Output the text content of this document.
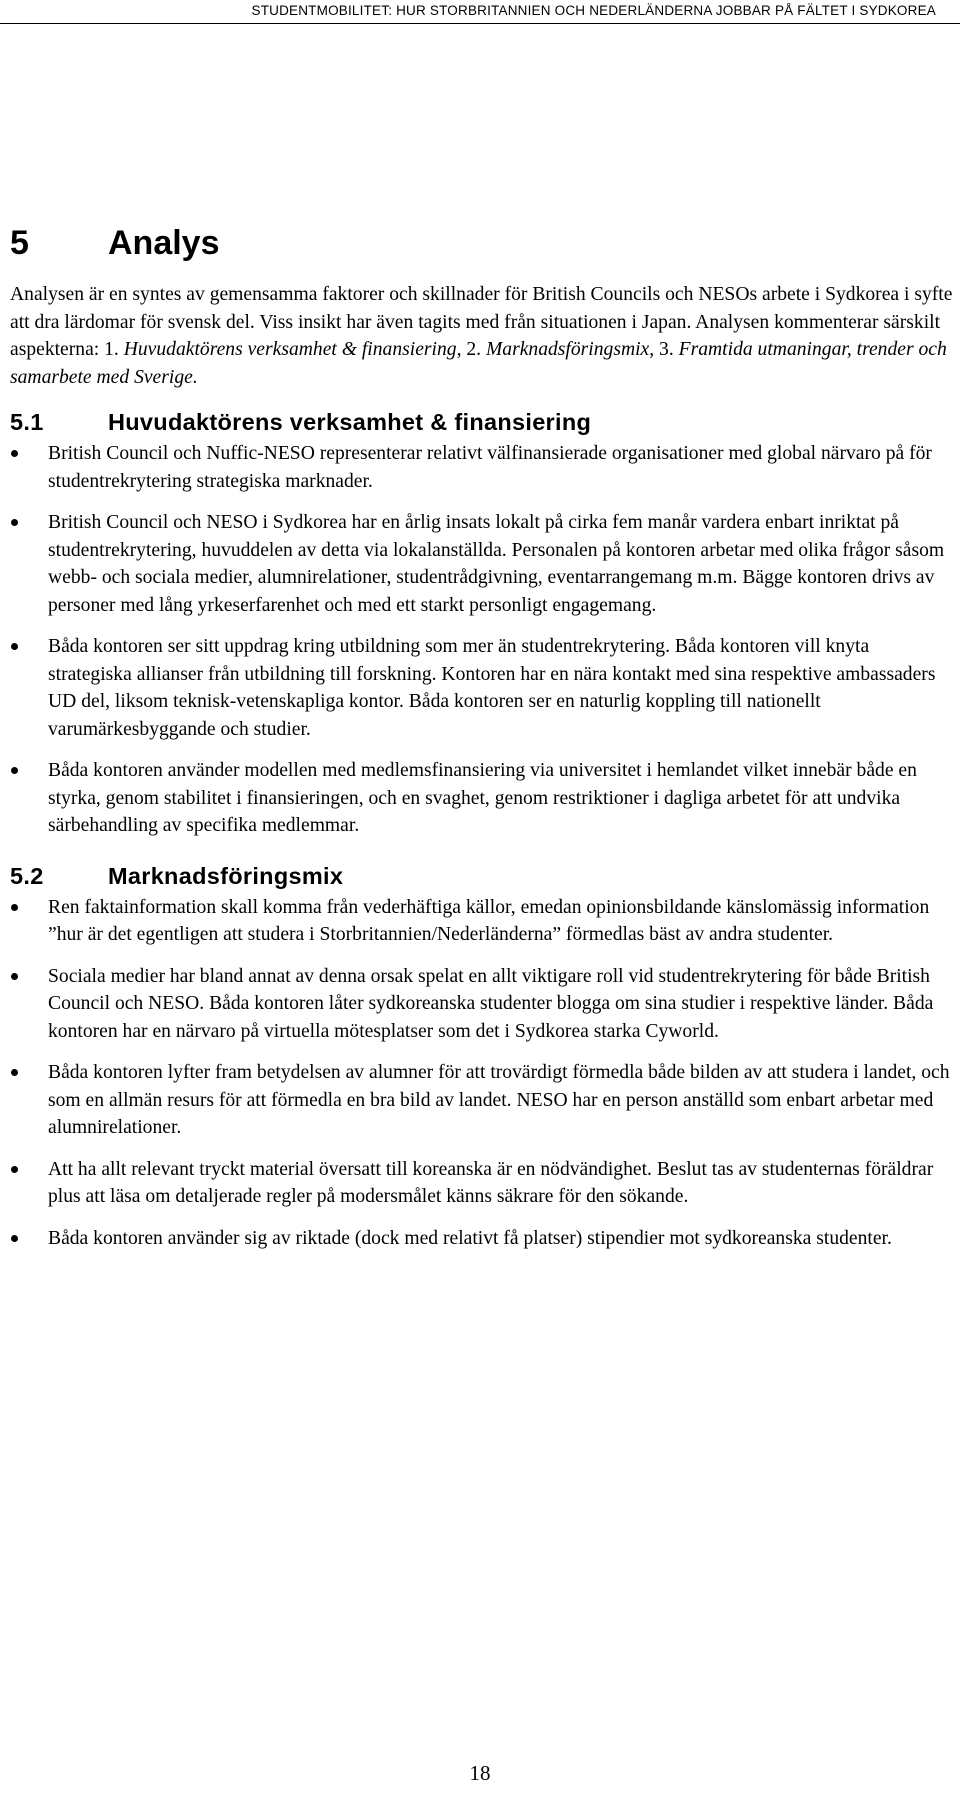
STUDENTMOBILITET: HUR STORBRITANNIEN OCH NEDERLÄNDERNA JOBBAR PÅ FÄLTET I SYDKOREA
5 Analys

Analysen är en syntes av gemensamma faktorer och skillnader för British Councils och NESOs arbete i Sydkorea i syfte att dra lärdomar för svensk del. Viss insikt har även tagits med från situationen i Japan. Analysen kommenterar särskilt aspekterna: 1. Huvudaktörens verksamhet & finansiering, 2. Marknadsföringsmix, 3. Framtida utmaningar, trender och samarbete med Sverige.

5.1	Huvudaktörens verksamhet & finansiering
British Council och Nuffic-NESO representerar relativt välfinansierade organisationer med global närvaro på för studentrekrytering strategiska marknader.
British Council och NESO i Sydkorea har en årlig insats lokalt på cirka fem manår vardera enbart inriktat på studentrekrytering, huvuddelen av detta via lokalanställda. Personalen på kontoren arbetar med olika frågor såsom webb- och sociala medier, alumnirelationer, studentrådgivning, eventarrangemang m.m. Bägge kontoren drivs av personer med lång yrkeserfarenhet och med ett starkt personligt engagemang.
Båda kontoren ser sitt uppdrag kring utbildning som mer än studentrekrytering. Båda kontoren vill knyta strategiska allianser från utbildning till forskning. Kontoren har en nära kontakt med sina respektive ambassaders UD del, liksom teknisk-vetenskapliga kontor. Båda kontoren ser en naturlig koppling till nationellt varumärkesbyggande och studier.
Båda kontoren använder modellen med medlemsfinansiering via universitet i hemlandet vilket innebär både en styrka, genom stabilitet i finansieringen, och en svaghet, genom restriktioner i dagliga arbetet för att undvika särbehandling av specifika medlemmar.
5.2	Marknadsföringsmix
Ren faktainformation skall komma från vederhäftiga källor, emedan opinionsbildande känslomässig information ”hur är det egentligen att studera i Storbritannien/Nederländerna” förmedlas bäst av andra studenter.
Sociala medier har bland annat av denna orsak spelat en allt viktigare roll vid studentrekrytering för både British Council och NESO. Båda kontoren låter sydkoreanska studenter blogga om sina studier i respektive länder. Båda kontoren har en närvaro på virtuella mötesplatser som det i Sydkorea starka Cyworld.
Båda kontoren lyfter fram betydelsen av alumner för att trovärdigt förmedla både bilden av att studera i landet, och som en allmän resurs för att förmedla en bra bild av landet. NESO har en person anställd som enbart arbetar med alumnirelationer.
Att ha allt relevant tryckt material översatt till koreanska är en nödvändighet. Beslut tas av studenternas föräldrar plus att läsa om detaljerade regler på modersmålet känns säkrare för den sökande.
Båda kontoren använder sig av riktade (dock med relativt få platser) stipendier mot sydkoreanska studenter.
18
